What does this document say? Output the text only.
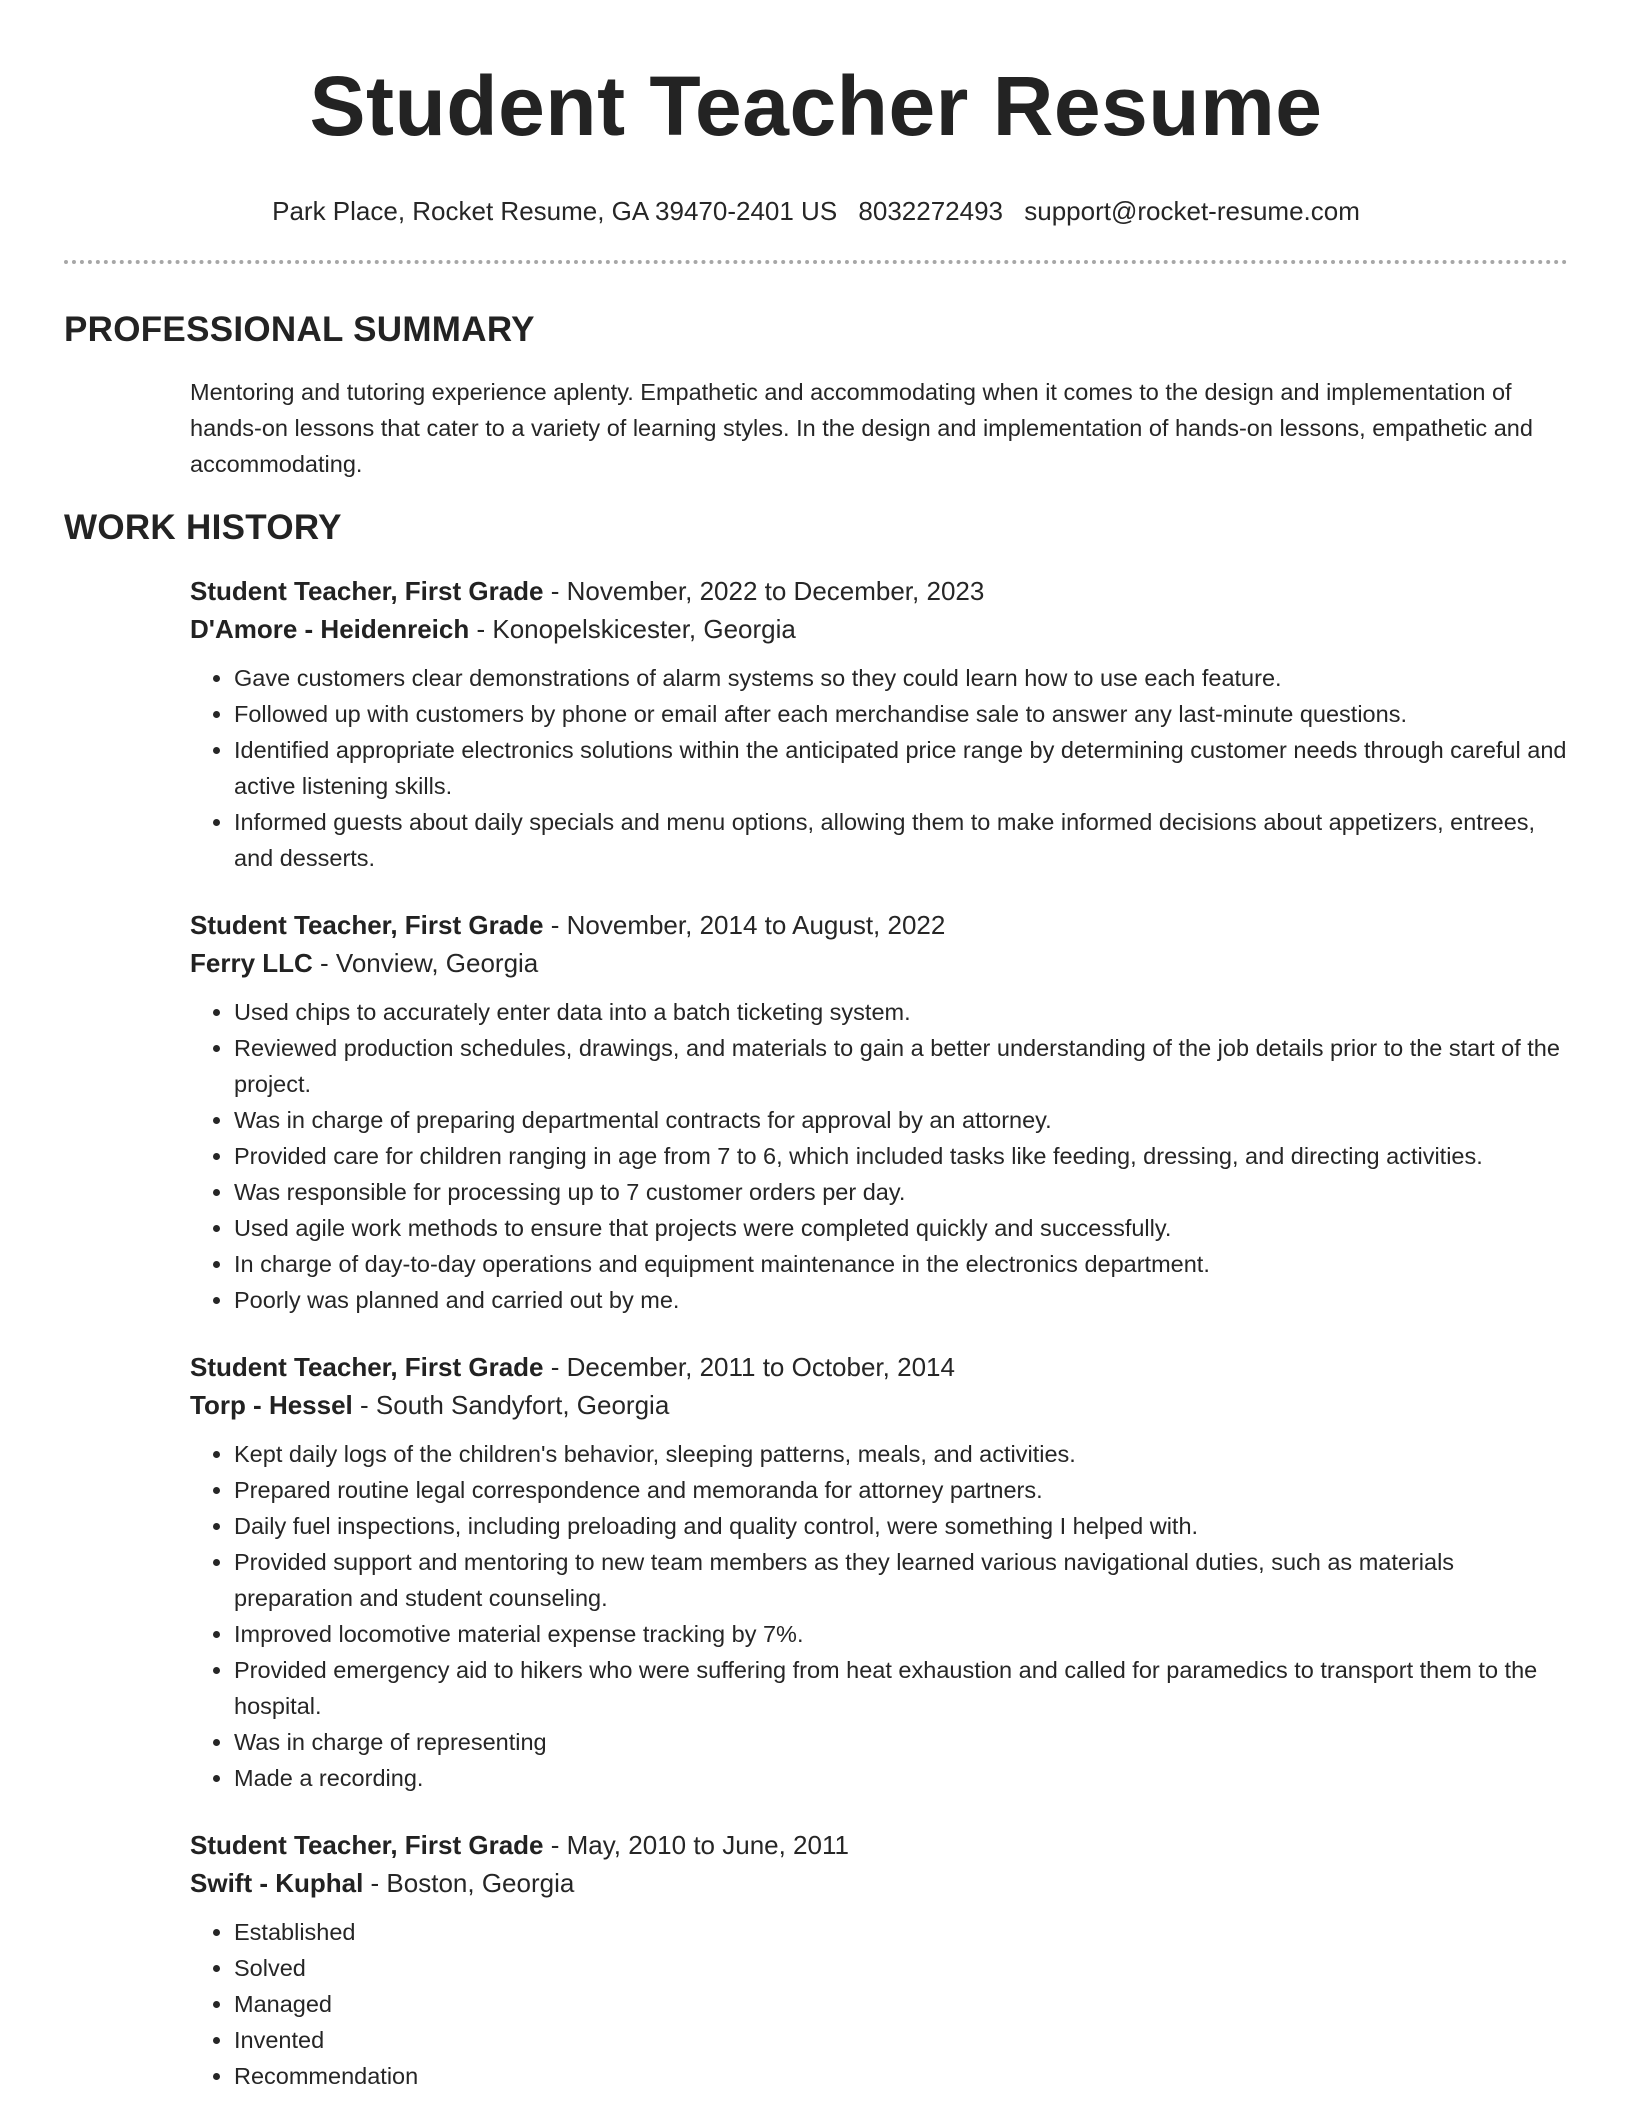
Student Teacher Resume
Park Place, Rocket Resume, GA 39470-2401 US 8032272493 support@rocket-resume.com
PROFESSIONAL SUMMARY

Mentoring and tutoring experience aplenty. Empathetic and accommodating when it comes to the design and implementation of hands-on lessons that cater to a variety of learning styles. In the design and implementation of hands-on lessons, empathetic and accommodating.

WORK HISTORY
Student Teacher, First Grade - November, 2022 to December, 2023
D'Amore - Heidenreich - Konopelskicester, Georgia
• Gave customers clear demonstrations of alarm systems so they could learn how to use each feature.
• Followed up with customers by phone or email after each merchandise sale to answer any last-minute questions.
• Identified appropriate electronics solutions within the anticipated price range by determining customer needs through careful and active listening skills.
• Informed guests about daily specials and menu options, allowing them to make informed decisions about appetizers, entrees, and desserts.
Student Teacher, First Grade - November, 2014 to August, 2022
Ferry LLC - Vonview, Georgia
• Used chips to accurately enter data into a batch ticketing system.
• Reviewed production schedules, drawings, and materials to gain a better understanding of the job details prior to the start of the project.
• Was in charge of preparing departmental contracts for approval by an attorney.
• Provided care for children ranging in age from 7 to 6, which included tasks like feeding, dressing, and directing activities.
• Was responsible for processing up to 7 customer orders per day.
• Used agile work methods to ensure that projects were completed quickly and successfully.
• In charge of day-to-day operations and equipment maintenance in the electronics department.
• Poorly was planned and carried out by me.
Student Teacher, First Grade - December, 2011 to October, 2014
Torp - Hessel - South Sandyfort, Georgia
• Kept daily logs of the children's behavior, sleeping patterns, meals, and activities.
• Prepared routine legal correspondence and memoranda for attorney partners.
• Daily fuel inspections, including preloading and quality control, were something I helped with.
• Provided support and mentoring to new team members as they learned various navigational duties, such as materials preparation and student counseling.
• Improved locomotive material expense tracking by 7%.
• Provided emergency aid to hikers who were suffering from heat exhaustion and called for paramedics to transport them to the hospital.
• Was in charge of representing
• Made a recording.
Student Teacher, First Grade - May, 2010 to June, 2011
Swift - Kuphal - Boston, Georgia
• Established
• Solved
• Managed
• Invented
• Recommendation
